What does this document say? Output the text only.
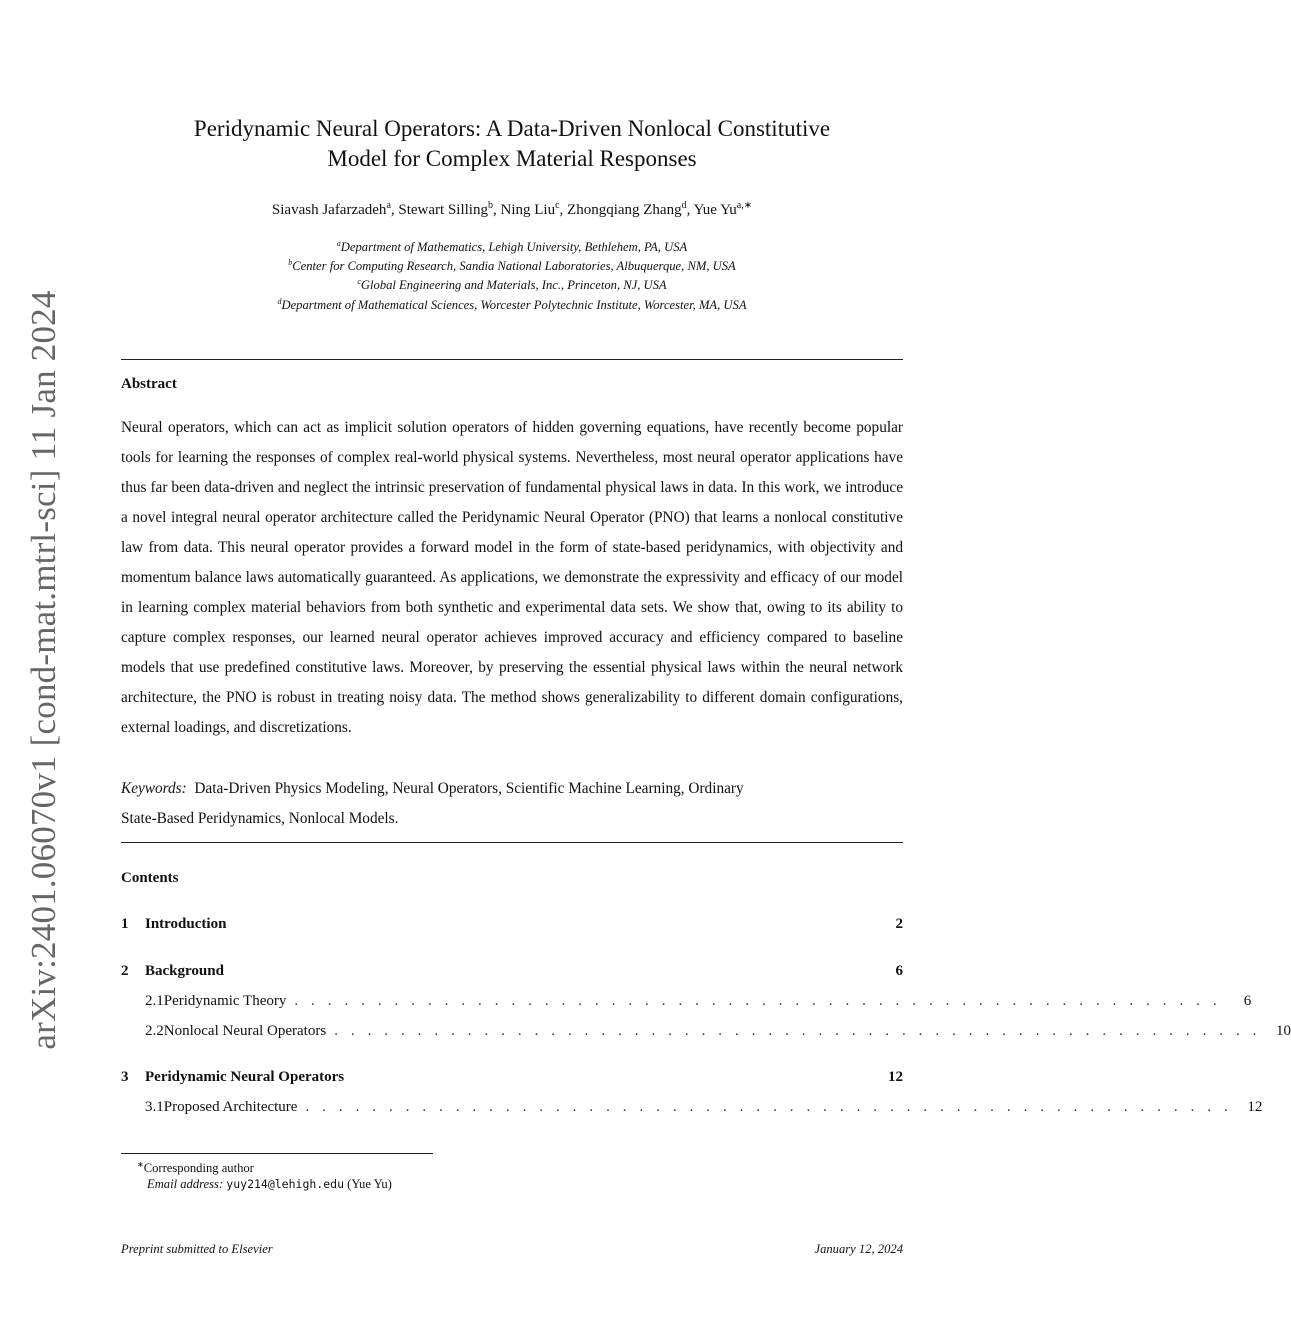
arXiv:2401.06070v1 [cond-mat.mtrl-sci] 11 Jan 2024
Peridynamic Neural Operators: A Data-Driven Nonlocal Constitutive
Model for Complex Material Responses
Siavash Jafarzadeh$^a$, Stewart Silling$^b$, Ning Liu$^c$, Zhongqiang Zhang$^d$, Yue $Yu^{a,∗}$
$^a$Department of Mathematics, Lehigh University, Bethlehem, PA, USA
$^b$Center for Computing Research, Sandia National Laboratories, Albuquerque, NM, USA
$^c$Global Engineering and Materials, Inc., Princeton, NJ, USA
$^d$Department of Mathematical Sciences, Worcester Polytechnic Institute, Worcester, MA, USA
Abstract
Neural operators, which can act as implicit solution operators of hidden governing equations, have recently become popular tools for learning the responses of complex real-world physical systems. Nevertheless, most neural operator applications have thus far been data-driven and neglect the intrinsic preservation of fundamental physical laws in data. In this work, we introduce a novel integral neural operator architecture called the Peridynamic Neural Operator (PNO) that learns a nonlocal constitutive law from data. This neural operator provides a forward model in the form of state-based peridynamics, with objectivity and momentum balance laws automatically guaranteed. As applications, we demonstrate the expressivity and efficacy of our model in learning complex material behaviors from both synthetic and experimental data sets. We show that, owing to its ability to capture complex responses, our learned neural operator achieves improved accuracy and efficiency compared to baseline models that use predefined constitutive laws. Moreover, by preserving the essential physical laws within the neural network architecture, the PNO is robust in treating noisy data. The method shows generalizability to different domain configurations, external loadings, and discretizations.
Keywords: Data-Driven Physics Modeling, Neural Operators, Scientific Machine Learning, Ordinary
State-Based Peridynamics, Nonlocal Models.
Contents
1	Introduction	2
2	Background	6
2.1 Peridynamic Theory . . . . . . . . . . . . . . . . . . . . . . . . . . . . . . . . . . . . . . . . . . . . . . . . . . . . . . . .	6
2.2 Nonlocal Neural Operators . . . . . . . . . . . . . . . . . . . . . . . . . . . . . . . . . . . . . . . . . . . . . . . . . . . . . . . .	10
3	Peridynamic Neural Operators	12
3.1 Proposed Architecture . . . . . . . . . . . . . . . . . . . . . . . . . . . . . . . . . . . . . . . . . . . . . . . . . . . . . . . .	12
∗Corresponding author
Email address: yuy214@lehigh.edu (Yue Yu)
Preprint submitted to Elsevier	January 12, 2024
